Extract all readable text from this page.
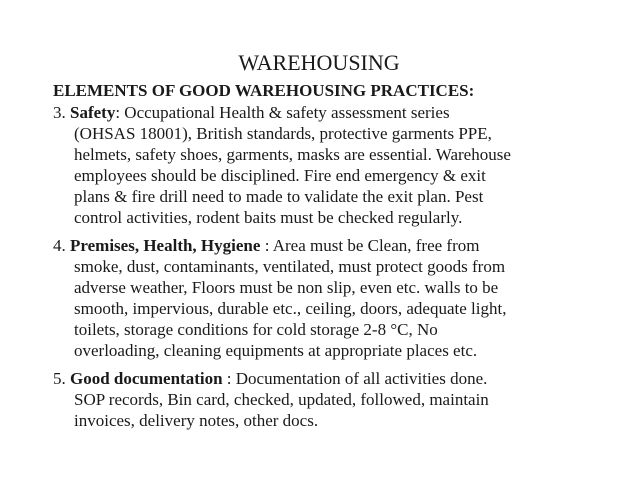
WAREHOUSING
ELEMENTS OF GOOD WAREHOUSING PRACTICES:
3. Safety: Occupational Health & safety assessment series
(OHSAS 18001), British standards, protective garments PPE,
helmets, safety shoes, garments, masks are essential. Warehouse
employees should be disciplined. Fire end emergency & exit
plans & fire drill need to made to validate the exit plan. Pest
control activities, rodent baits must be checked regularly.
4. Premises, Health, Hygiene : Area must be Clean, free from
smoke, dust, contaminants, ventilated, must protect goods from
adverse weather, Floors must be non slip, even etc. walls to be
smooth, impervious, durable etc., ceiling, doors, adequate light,
toilets, storage conditions for cold storage 2-8 °C, No
overloading, cleaning equipments at appropriate places etc.
5. Good documentation : Documentation of all activities done.
SOP records, Bin card, checked, updated, followed, maintain
invoices, delivery notes, other docs.
